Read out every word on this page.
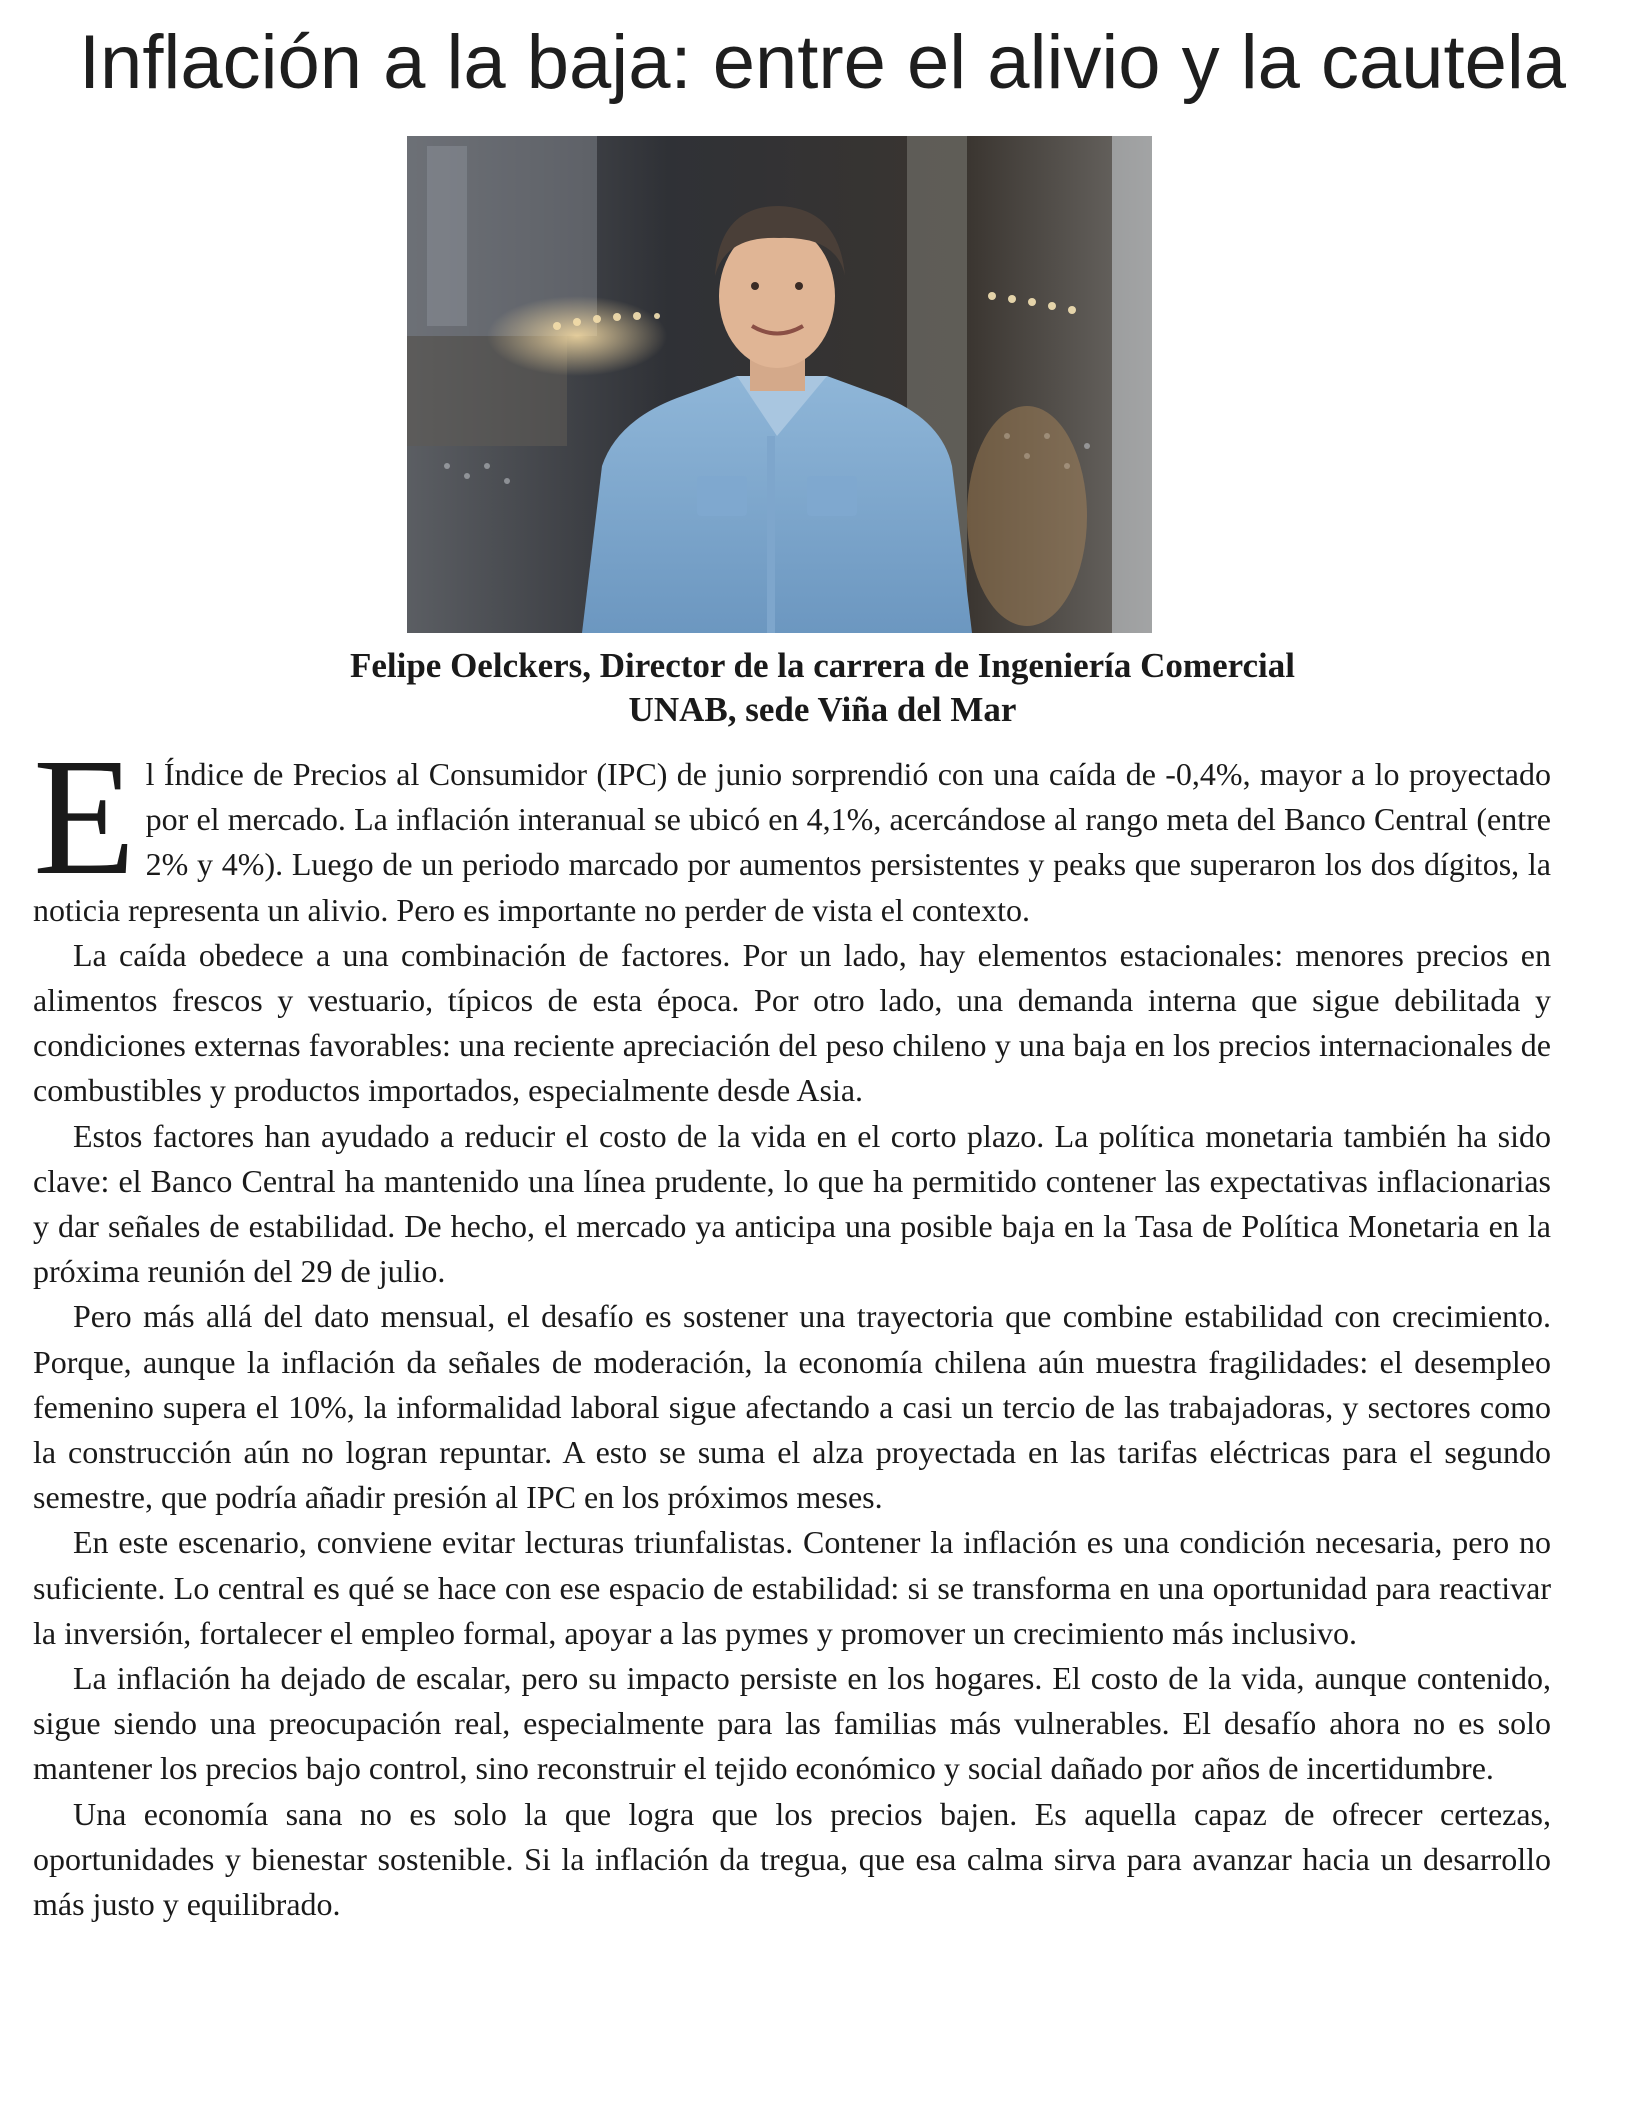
Inflación a la baja: entre el alivio y la cautela
Felipe Oelckers, Director de la carrera de Ingeniería Comercial
UNAB, sede Viña del Mar

El Índice de Precios al Consumidor (IPC) de junio sorprendió con una caída de -0,4%, mayor a lo proyectado por el mercado. La inflación interanual se ubicó en 4,1%, acercándose al rango meta del Banco Central (entre 2% y 4%). Luego de un periodo marcado por aumentos persistentes y peaks que superaron los dos dígitos, la noticia representa un alivio. Pero es importante no perder de vista el contexto.

La caída obedece a una combinación de factores. Por un lado, hay elementos estacionales: menores precios en alimentos frescos y vestuario, típicos de esta época. Por otro lado, una demanda interna que sigue debilitada y condiciones externas favorables: una reciente apreciación del peso chileno y una baja en los precios internacionales de combustibles y productos importados, especialmente desde Asia.

Estos factores han ayudado a reducir el costo de la vida en el corto plazo. La política monetaria también ha sido clave: el Banco Central ha mantenido una línea prudente, lo que ha permitido contener las expectativas inflacionarias y dar señales de estabilidad. De hecho, el mercado ya anticipa una posible baja en la Tasa de Política Monetaria en la próxima reunión del 29 de julio.

Pero más allá del dato mensual, el desafío es sostener una trayectoria que combine estabilidad con crecimiento. Porque, aunque la inflación da señales de moderación, la economía chilena aún muestra fragilidades: el desempleo femenino supera el 10%, la informalidad laboral sigue afectando a casi un tercio de las trabajadoras, y sectores como la construcción aún no logran repuntar. A esto se suma el alza proyectada en las tarifas eléctricas para el segundo semestre, que podría añadir presión al IPC en los próximos meses.

En este escenario, conviene evitar lecturas triunfalistas. Contener la inflación es una condición necesaria, pero no suficiente. Lo central es qué se hace con ese espacio de estabilidad: si se transforma en una oportunidad para reactivar la inversión, fortalecer el empleo formal, apoyar a las pymes y promover un crecimiento más inclusivo.

La inflación ha dejado de escalar, pero su impacto persiste en los hogares. El costo de la vida, aunque contenido, sigue siendo una preocupación real, especialmente para las familias más vulnerables. El desafío ahora no es solo mantener los precios bajo control, sino reconstruir el tejido económico y social dañado por años de incertidumbre.

Una economía sana no es solo la que logra que los precios bajen. Es aquella capaz de ofrecer certezas, oportunidades y bienestar sostenible. Si la inflación da tregua, que esa calma sirva para avanzar hacia un desarrollo más justo y equilibrado.
